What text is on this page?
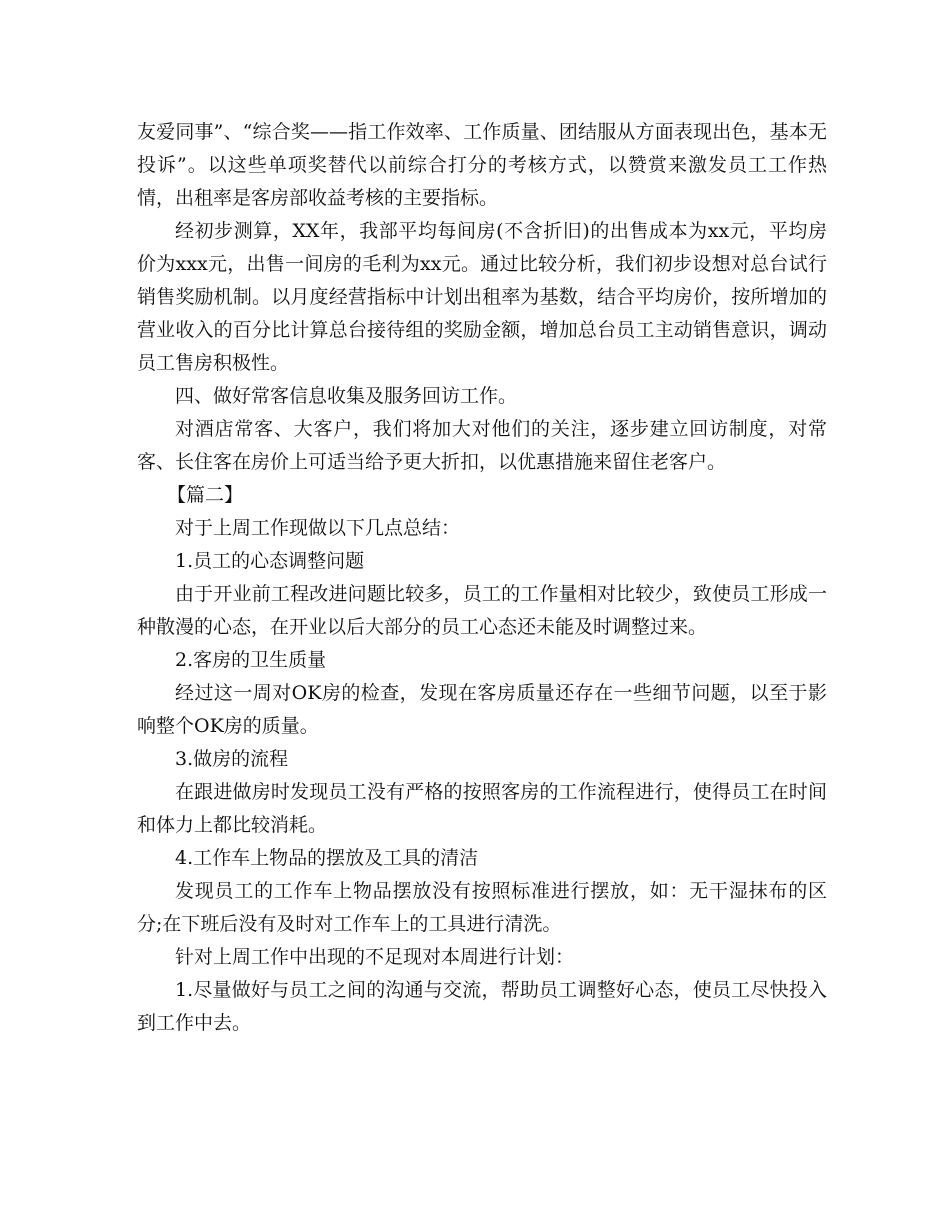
友爱同事”、“综合奖——指工作效率、工作质量、团结服从方面表现出色，基本无投诉”。以这些单项奖替代以前综合打分的考核方式，以赞赏来激发员工工作热情，出租率是客房部收益考核的主要指标。

经初步测算，XX年，我部平均每间房(不含折旧)的出售成本为xx元，平均房价为xxx元，出售一间房的毛利为xx元。通过比较分析，我们初步设想对总台试行销售奖励机制。以月度经营指标中计划出租率为基数，结合平均房价，按所增加的营业收入的百分比计算总台接待组的奖励金额，增加总台员工主动销售意识，调动员工售房积极性。

四、做好常客信息收集及服务回访工作。

对酒店常客、大客户，我们将加大对他们的关注，逐步建立回访制度，对常客、长住客在房价上可适当给予更大折扣，以优惠措施来留住老客户。

【篇二】

对于上周工作现做以下几点总结：

1.员工的心态调整问题

由于开业前工程改进问题比较多，员工的工作量相对比较少，致使员工形成一种散漫的心态，在开业以后大部分的员工心态还未能及时调整过来。

2.客房的卫生质量

经过这一周对OK房的检查，发现在客房质量还存在一些细节问题，以至于影响整个OK房的质量。

3.做房的流程

在跟进做房时发现员工没有严格的按照客房的工作流程进行，使得员工在时间和体力上都比较消耗。

4.工作车上物品的摆放及工具的清洁

发现员工的工作车上物品摆放没有按照标准进行摆放，如：无干湿抹布的区分;在下班后没有及时对工作车上的工具进行清洗。

针对上周工作中出现的不足现对本周进行计划：

1.尽量做好与员工之间的沟通与交流，帮助员工调整好心态，使员工尽快投入到工作中去。
